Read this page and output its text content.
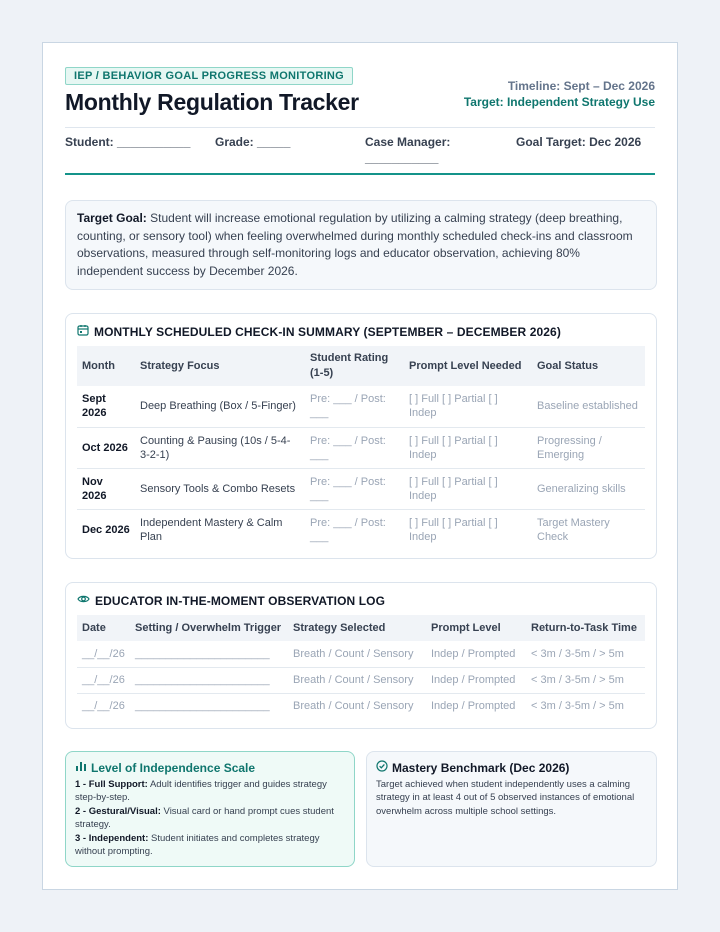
IEP / BEHAVIOR GOAL PROGRESS MONITORING
Monthly Regulation Tracker
Timeline: Sept – Dec 2026
Target: Independent Strategy Use
Student: ___________ Grade: _____	Case Manager:
___________
Goal Target: Dec 2026
Target Goal: Student will increase emotional regulation by utilizing a calming strategy (deep breathing, counting, or sensory tool) when feeling overwhelmed during monthly scheduled check-ins and classroom observations, measured through self-monitoring logs and educator observation, achieving 80% independent success by December 2026.
MONTHLY SCHEDULED CHECK-IN SUMMARY (SEPTEMBER – DECEMBER 2026)
Month	Strategy Focus	Student Rating (1-5)	Prompt Level Needed	Goal Status
Sept 2026	Deep Breathing (Box / 5-Finger)	Pre: ___ / Post: ___	[ ] Full [ ] Partial [ ] Indep	Baseline established
Oct 2026	Counting & Pausing (10s / 5-4-3-2-1)	Pre: ___ / Post: ___	[ ] Full [ ] Partial [ ] Indep	Progressing / Emerging
Nov 2026	Sensory Tools & Combo Resets	Pre: ___ / Post: ___	[ ] Full [ ] Partial [ ] Indep	Generalizing skills
Dec 2026	Independent Mastery & Calm Plan	Pre: ___ / Post: ___	[ ] Full [ ] Partial [ ] Indep	Target Mastery Check
EDUCATOR IN-THE-MOMENT OBSERVATION LOG
Date	Setting / Overwhelm Trigger	Strategy Selected	Prompt Level	Return-to-Task Time
__/__/26	______________________	Breath / Count / Sensory	Indep / Prompted	< 3m / 3-5m / > 5m
__/__/26	______________________	Breath / Count / Sensory	Indep / Prompted	< 3m / 3-5m / > 5m
__/__/26	______________________	Breath / Count / Sensory	Indep / Prompted	< 3m / 3-5m / > 5m
Level of Independence Scale
1 - Full Support: Adult identifies trigger and guides strategy step-by-step.
2 - Gestural/Visual: Visual card or hand prompt cues student strategy.
3 - Independent: Student initiates and completes strategy without prompting.
Mastery Benchmark (Dec 2026)
Target achieved when student independently uses a calming strategy in at least 4 out of 5 observed instances of emotional overwhelm across multiple school settings.
